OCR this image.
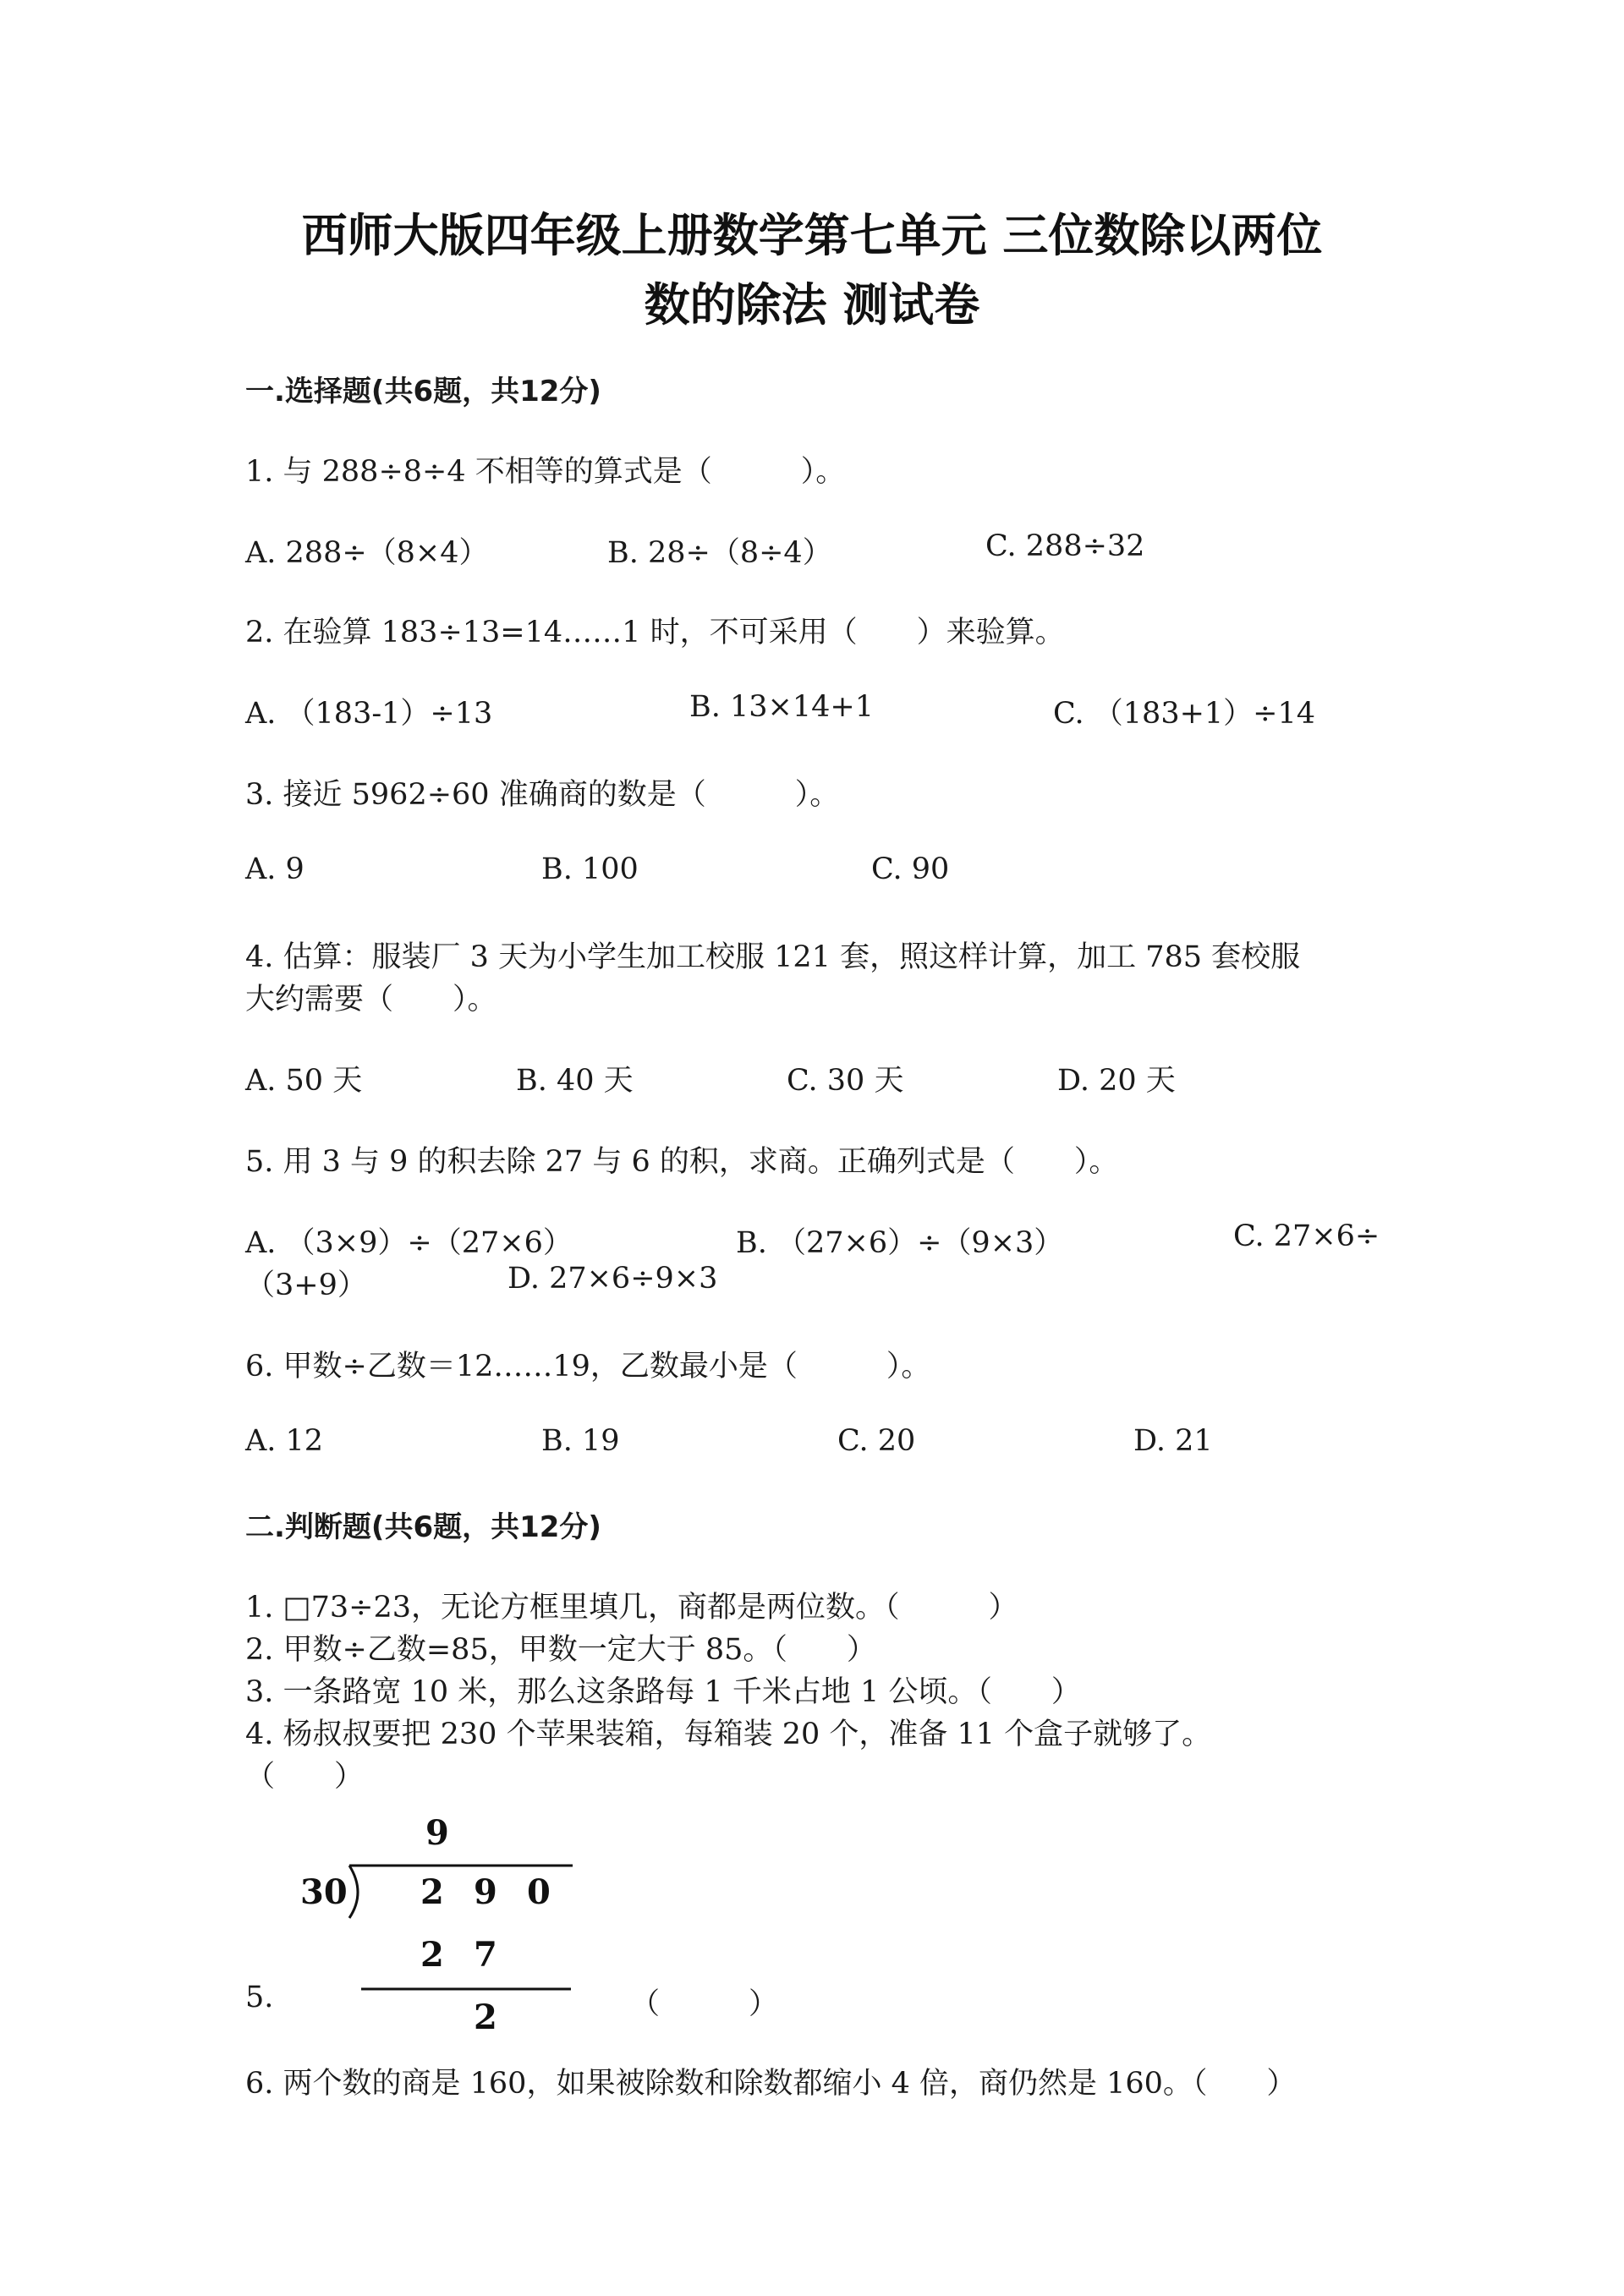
西师大版四年级上册数学第七单元 三位数除以两位
数的除法 测试卷
一.选择题(共6题，共12分)
1. 与 288÷8÷4 不相等的算式是（　　　）。
A. 288÷（8×4）	B. 28÷（8÷4）	C. 288÷32
2. 在验算 183÷13=14……1 时，不可采用（　　）来验算。
A. （183-1）÷13	B. 13×14+1	C. （183+1）÷14
3. 接近 5962÷60 准确商的数是（　　　）。
A. 9	B. 100	C. 90
4. 估算：服装厂 3 天为小学生加工校服 121 套，照这样计算，加工 785 套校服
大约需要（　　）。
A. 50 天	B. 40 天	C. 30 天	D. 20 天
5. 用 3 与 9 的积去除 27 与 6 的积，求商。正确列式是（　　）。
A. （3×9）÷（27×6）	B. （27×6）÷（9×3）	C. 27×6÷
（3+9）	D. 27×6÷9×3
6. 甲数÷乙数＝12……19，乙数最小是（　　　）。
A. 12	B. 19	C. 20	D. 21
二.判断题(共6题，共12分)
1. □73÷23，无论方框里填几，商都是两位数。（　　　）
2. 甲数÷乙数=85，甲数一定大于 85。（　　）
3. 一条路宽 10 米，那么这条路每 1 千米占地 1 公顷。（　　）
4. 杨叔叔要把 230 个苹果装箱，每箱装 20 个，准备 11 个盒子就够了。
（　　）
9
30 2 9 0
2 7
2
5.	（　　　）
6. 两个数的商是 160，如果被除数和除数都缩小 4 倍，商仍然是 160。（　　）
